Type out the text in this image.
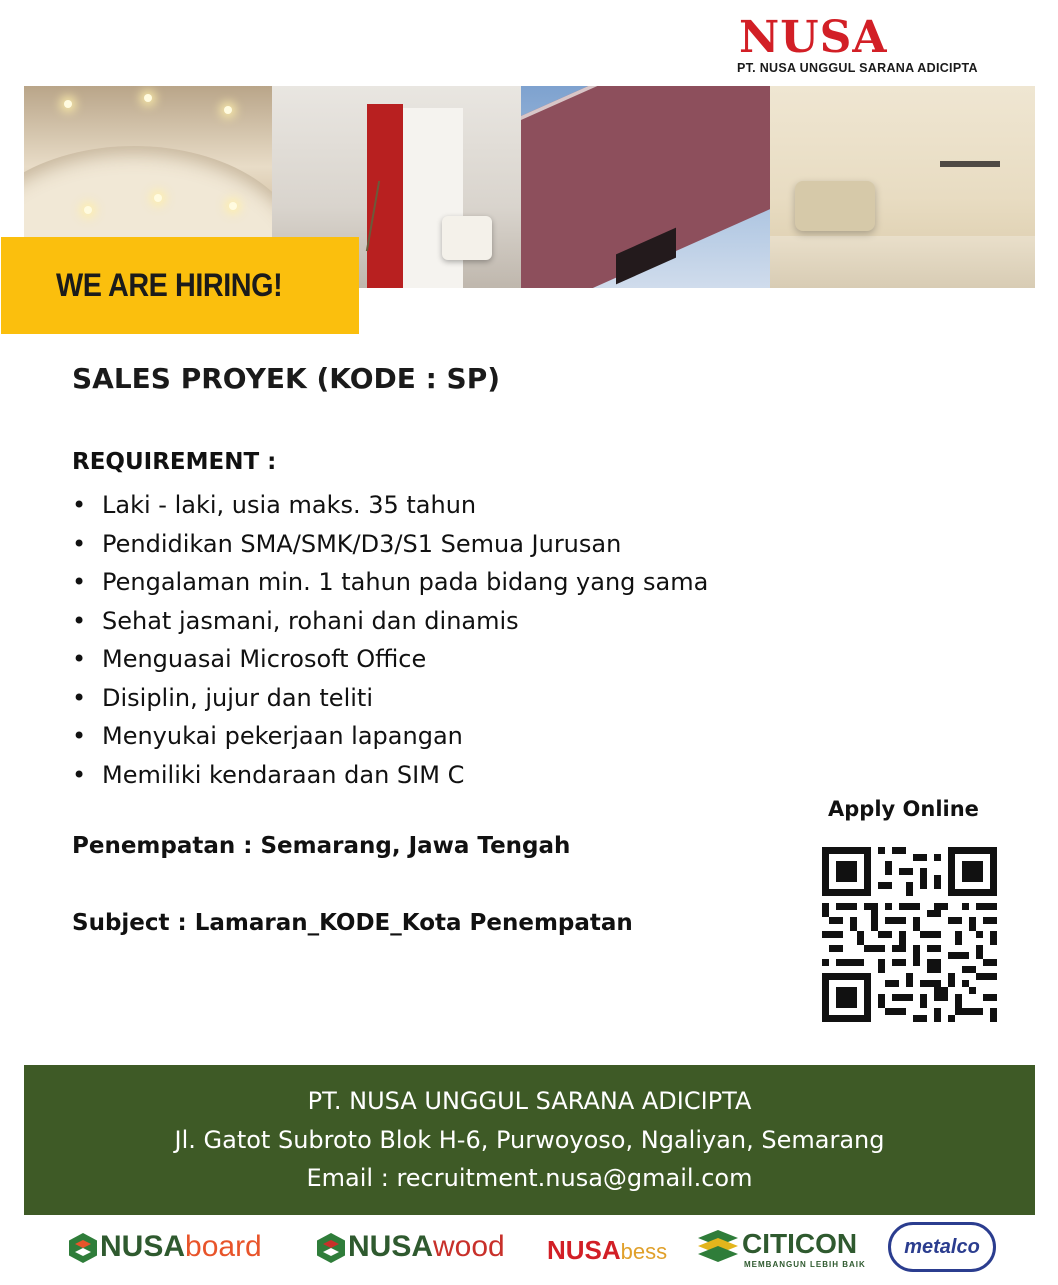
NUSA
PT. NUSA UNGGUL SARANA ADICIPTA
WE ARE HIRING!
SALES PROYEK (KODE : SP)
REQUIREMENT :
• Laki - laki, usia maks. 35 tahun
• Pendidikan SMA/SMK/D3/S1 Semua Jurusan
• Pengalaman min. 1 tahun pada bidang yang sama
• Sehat jasmani, rohani dan dinamis
• Menguasai Microsoft Office
• Disiplin, jujur dan teliti
• Menyukai pekerjaan lapangan
• Memiliki kendaraan dan SIM C

Penempatan : Semarang, Jawa Tengah

Subject : Lamaran_KODE_Kota Penempatan

Apply Online

PT. NUSA UNGGUL SARANA ADICIPTA
Jl. Gatot Subroto Blok H-6, Purwoyoso, Ngaliyan, Semarang
Email : recruitment.nusa@gmail.com
NUSAboard	NUSAwood NUSAbess	CITICON
MEMBANGUN LEBIH BAIK
metalco
